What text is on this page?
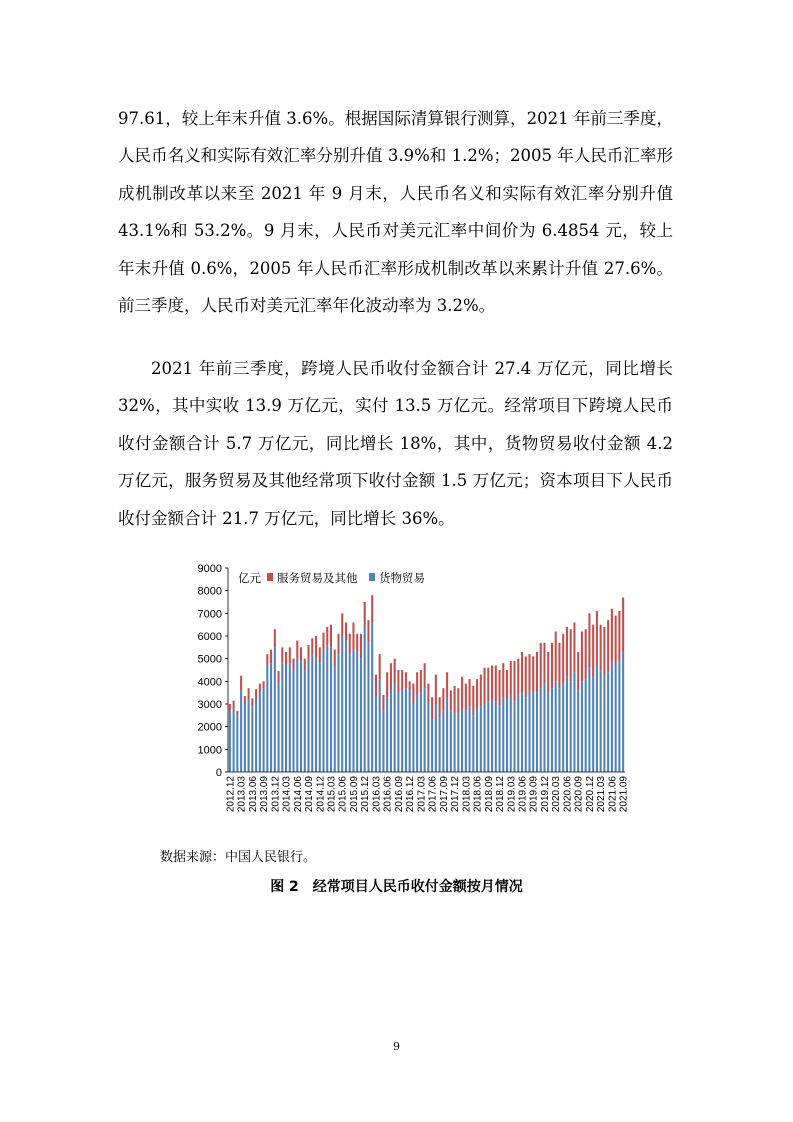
97.61，较上年末升值 3.6%。根据国际清算银行测算，2021 年前三季度，人民币名义和实际有效汇率分别升值 3.9%和 1.2%；2005 年人民币汇率形成机制改革以来至 2021 年 9 月末，人民币名义和实际有效汇率分别升值 43.1%和 53.2%。9 月末，人民币对美元汇率中间价为 6.4854 元，较上年末升值 0.6%，2005 年人民币汇率形成机制改革以来累计升值 27.6%。前三季度，人民币对美元汇率年化波动率为 3.2%。

2021 年前三季度，跨境人民币收付金额合计 27.4 万亿元，同比增长 32%，其中实收 13.9 万亿元，实付 13.5 万亿元。经常项目下跨境人民币收付金额合计 5.7 万亿元，同比增长 18%，其中，货物贸易收付金额 4.2 万亿元，服务贸易及其他经常项下收付金额 1.5 万亿元；资本项目下人民币收付金额合计 21.7 万亿元，同比增长 36%。

0
1000
2000
3000
4000
5000
6000
7000
8000
9000
2012.12 2013.03 2013.06 2013.09 2013.12 2014.03 2014.06 2014.09 2014.12 2015.03 2015.06 2015.09 2015.12 2016.03 2016.06 2016.09 2016.12 2017.03 2017.06 2017.09 2017.12 2018.03 2018.06 2018.09 2018.12 2019.03 2019.06 2019.09 2019.12 2020.03 2020.06 2020.09 2020.12 2021.03 2021.06 2021.09
亿元 服务贸易及其他 货物贸易
数据来源：中国人民银行。
图 2　经常项目人民币收付金额按月情况
9
